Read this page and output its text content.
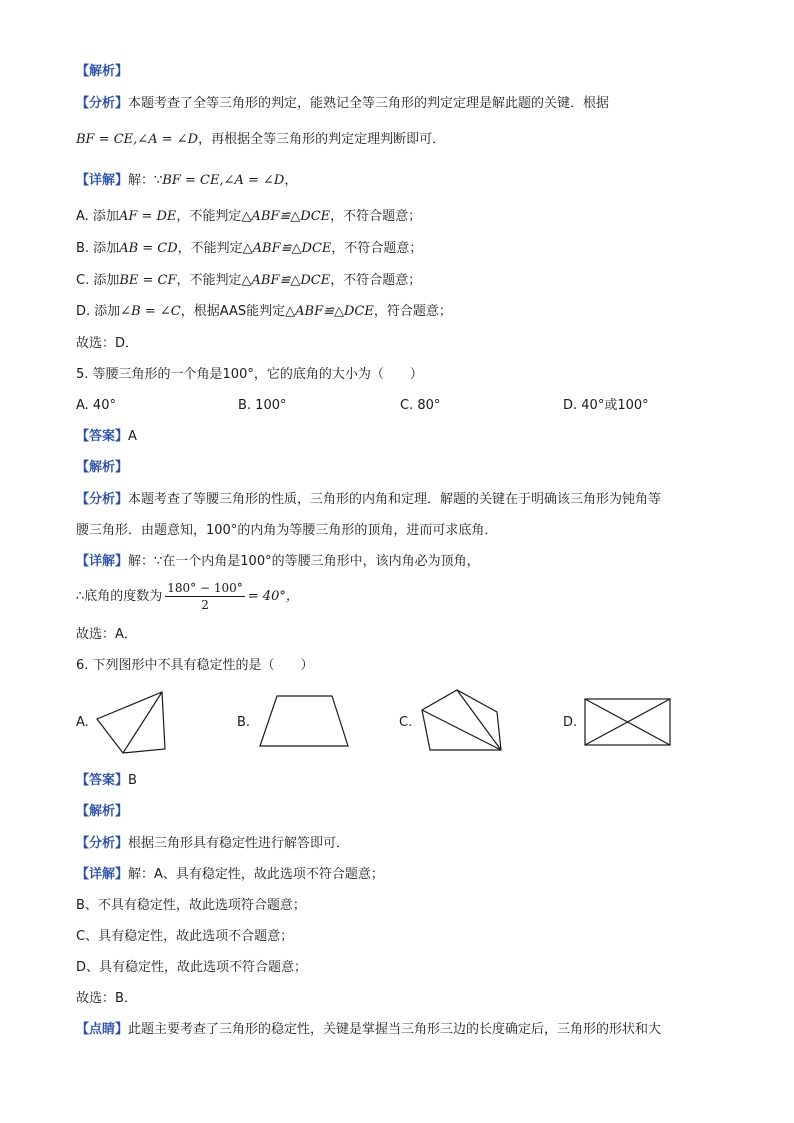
【解析】
【分析】本题考查了全等三角形的判定，能熟记全等三角形的判定定理是解此题的关键．根据
BF = CE,∠A = ∠D，再根据全等三角形的判定定理判断即可．
【详解】解：∵BF = CE,∠A = ∠D，
A. 添加AF = DE，不能判定△ABF≌△DCE，不符合题意；
B. 添加AB = CD，不能判定△ABF≌△DCE，不符合题意；
C. 添加BE = CF，不能判定△ABF≌△DCE，不符合题意；
D. 添加∠B = ∠C，根据AAS能判定△ABF≌△DCE，符合题意；
故选：D．
5. 等腰三角形的一个角是100°，它的底角的大小为（　　）
A. 40°	B. 100°	C. 80°	D. 40°或100°
【答案】A
【解析】
【分析】本题考查了等腰三角形的性质，三角形的内角和定理．解题的关键在于明确该三角形为钝角等
腰三角形．由题意知，100°的内角为等腰三角形的顶角，进而可求底角．
【详解】解：∵在一个内角是100°的等腰三角形中，该内角必为顶角，
∴底角的度数为 $\frac{180^\circ - 100^\circ}{2} = 40^\circ$，
故选：A．
6. 下列图形中不具有稳定性的是（　　）
A.	B.	C.	D.
【答案】B
【解析】
【分析】根据三角形具有稳定性进行解答即可．
【详解】解：A、具有稳定性，故此选项不符合题意；
B、不具有稳定性，故此选项符合题意；
C、具有稳定性，故此选项不合题意；
D、具有稳定性，故此选项不符合题意；
故选：B．
【点睛】此题主要考查了三角形的稳定性，关键是掌握当三角形三边的长度确定后，三角形的形状和大
